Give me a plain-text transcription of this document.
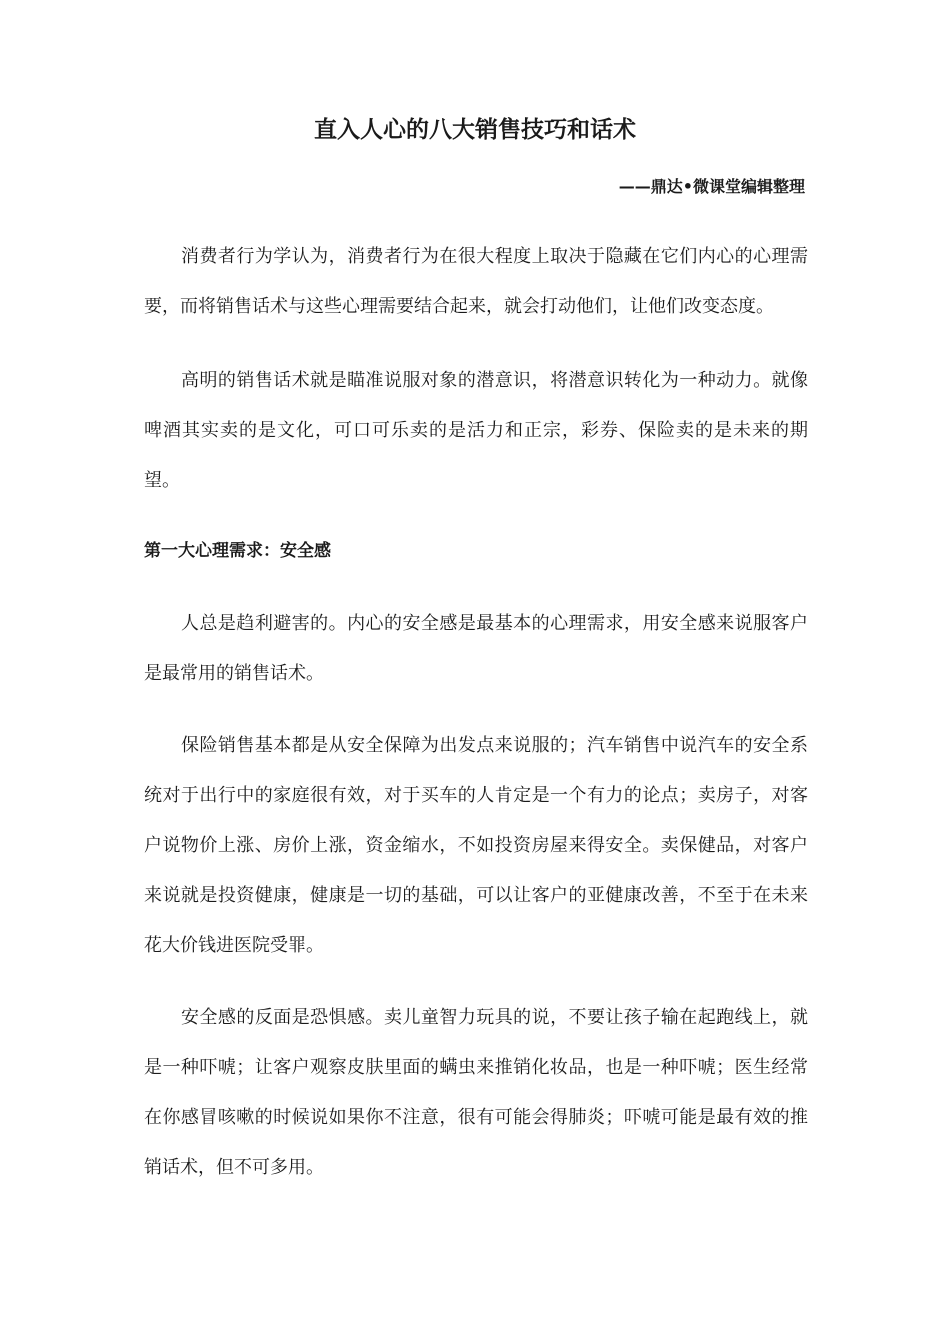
直入人心的八大销售技巧和话术
——鼎达•微课堂编辑整理

消费者行为学认为，消费者行为在很大程度上取决于隐藏在它们内心的心理需要，而将销售话术与这些心理需要结合起来，就会打动他们，让他们改变态度。

高明的销售话术就是瞄准说服对象的潜意识，将潜意识转化为一种动力。就像啤酒其实卖的是文化，可口可乐卖的是活力和正宗，彩券、保险卖的是未来的期望。

第一大心理需求：安全感

人总是趋利避害的。内心的安全感是最基本的心理需求，用安全感来说服客户是最常用的销售话术。

保险销售基本都是从安全保障为出发点来说服的；汽车销售中说汽车的安全系统对于出行中的家庭很有效，对于买车的人肯定是一个有力的论点；卖房子，对客户说物价上涨、房价上涨，资金缩水，不如投资房屋来得安全。卖保健品，对客户来说就是投资健康，健康是一切的基础，可以让客户的亚健康改善，不至于在未来花大价钱进医院受罪。

安全感的反面是恐惧感。卖儿童智力玩具的说，不要让孩子输在起跑线上，就是一种吓唬；让客户观察皮肤里面的螨虫来推销化妆品，也是一种吓唬；医生经常在你感冒咳嗽的时候说如果你不注意，很有可能会得肺炎；吓唬可能是最有效的推销话术，但不可多用。
